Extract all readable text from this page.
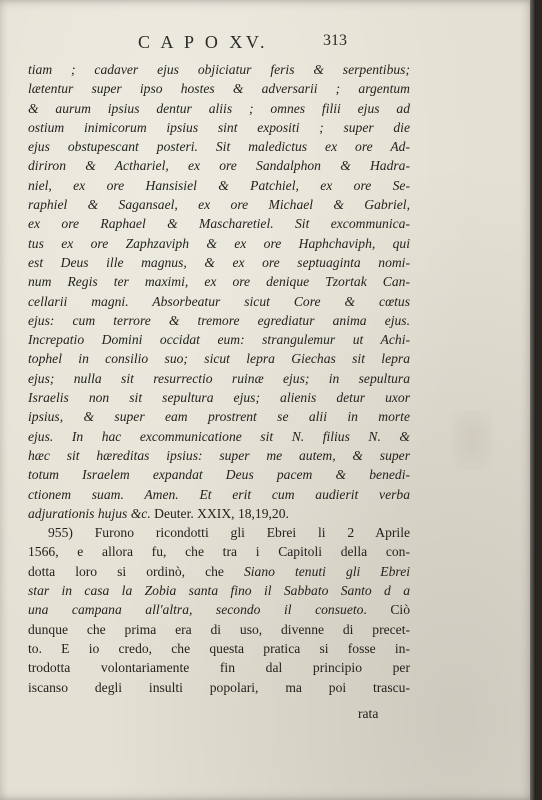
C A P O XV.	313
tiam ; cadaver ejus objiciatur feris & serpentibus;
lætentur super ipso hostes & adversarii ; argentum
& aurum ipsius dentur aliis ; omnes filii ejus ad
ostium inimicorum ipsius sint expositi ; super die
ejus obstupescant posteri. Sit maledictus ex ore Ad-
diriron & Acthariel, ex ore Sandalphon & Hadra-
niel, ex ore Hansisiel & Patchiel, ex ore Se-
raphiel & Sagansael, ex ore Michael & Gabriel,
ex ore Raphael & Mascharetiel. Sit excommunica-
tus ex ore Zaphzaviph & ex ore Haphchaviph, qui
est Deus ille magnus, & ex ore septuaginta nomi-
num Regis ter maximi, ex ore denique Tzortak Can-
cellarii magni. Absorbeatur sicut Core & cœtus
ejus: cum terrore & tremore egrediatur anima ejus.
Increpatio Domini occidat eum: strangulетur ut Achi-
tophel in consilio suo; sicut lepra Giechas sit lepra
ejus; nulla sit resurrectio ruinæ ejus; in sepultura
Israelis non sit sepultura ejus; alienis detur uxor
ipsius, & super eam prostrent se alii in morte
ejus. In hac excommunicatione sit N. filius N. &
hæc sit hæreditas ipsius: super me autem, & super
totum Israelem expandat Deus pacem & benedi-
ctionem suam. Amen. Et erit cum audierit verba
adjurationis hujus &c. Deuter. XXIX, 18,19,20.
955) Furono ricondotti gli Ebrei li 2 Aprile
1566, e allora fu, che tra i Capitoli della con-
dotta loro si ordinò, che Siano tenuti gli Ebrei
star in casa la Zobia santa fino il Sabbato Santo d a
una campana all'altra, secondo il consueto. Ciò
dunque che prima era di uso, divenne di precet-
to. E io credo, che questa pratica si fosse in-
trodotta volontariamente fin dal principio per
iscanso degli insulti popolari, ma poi trascu-
rata
